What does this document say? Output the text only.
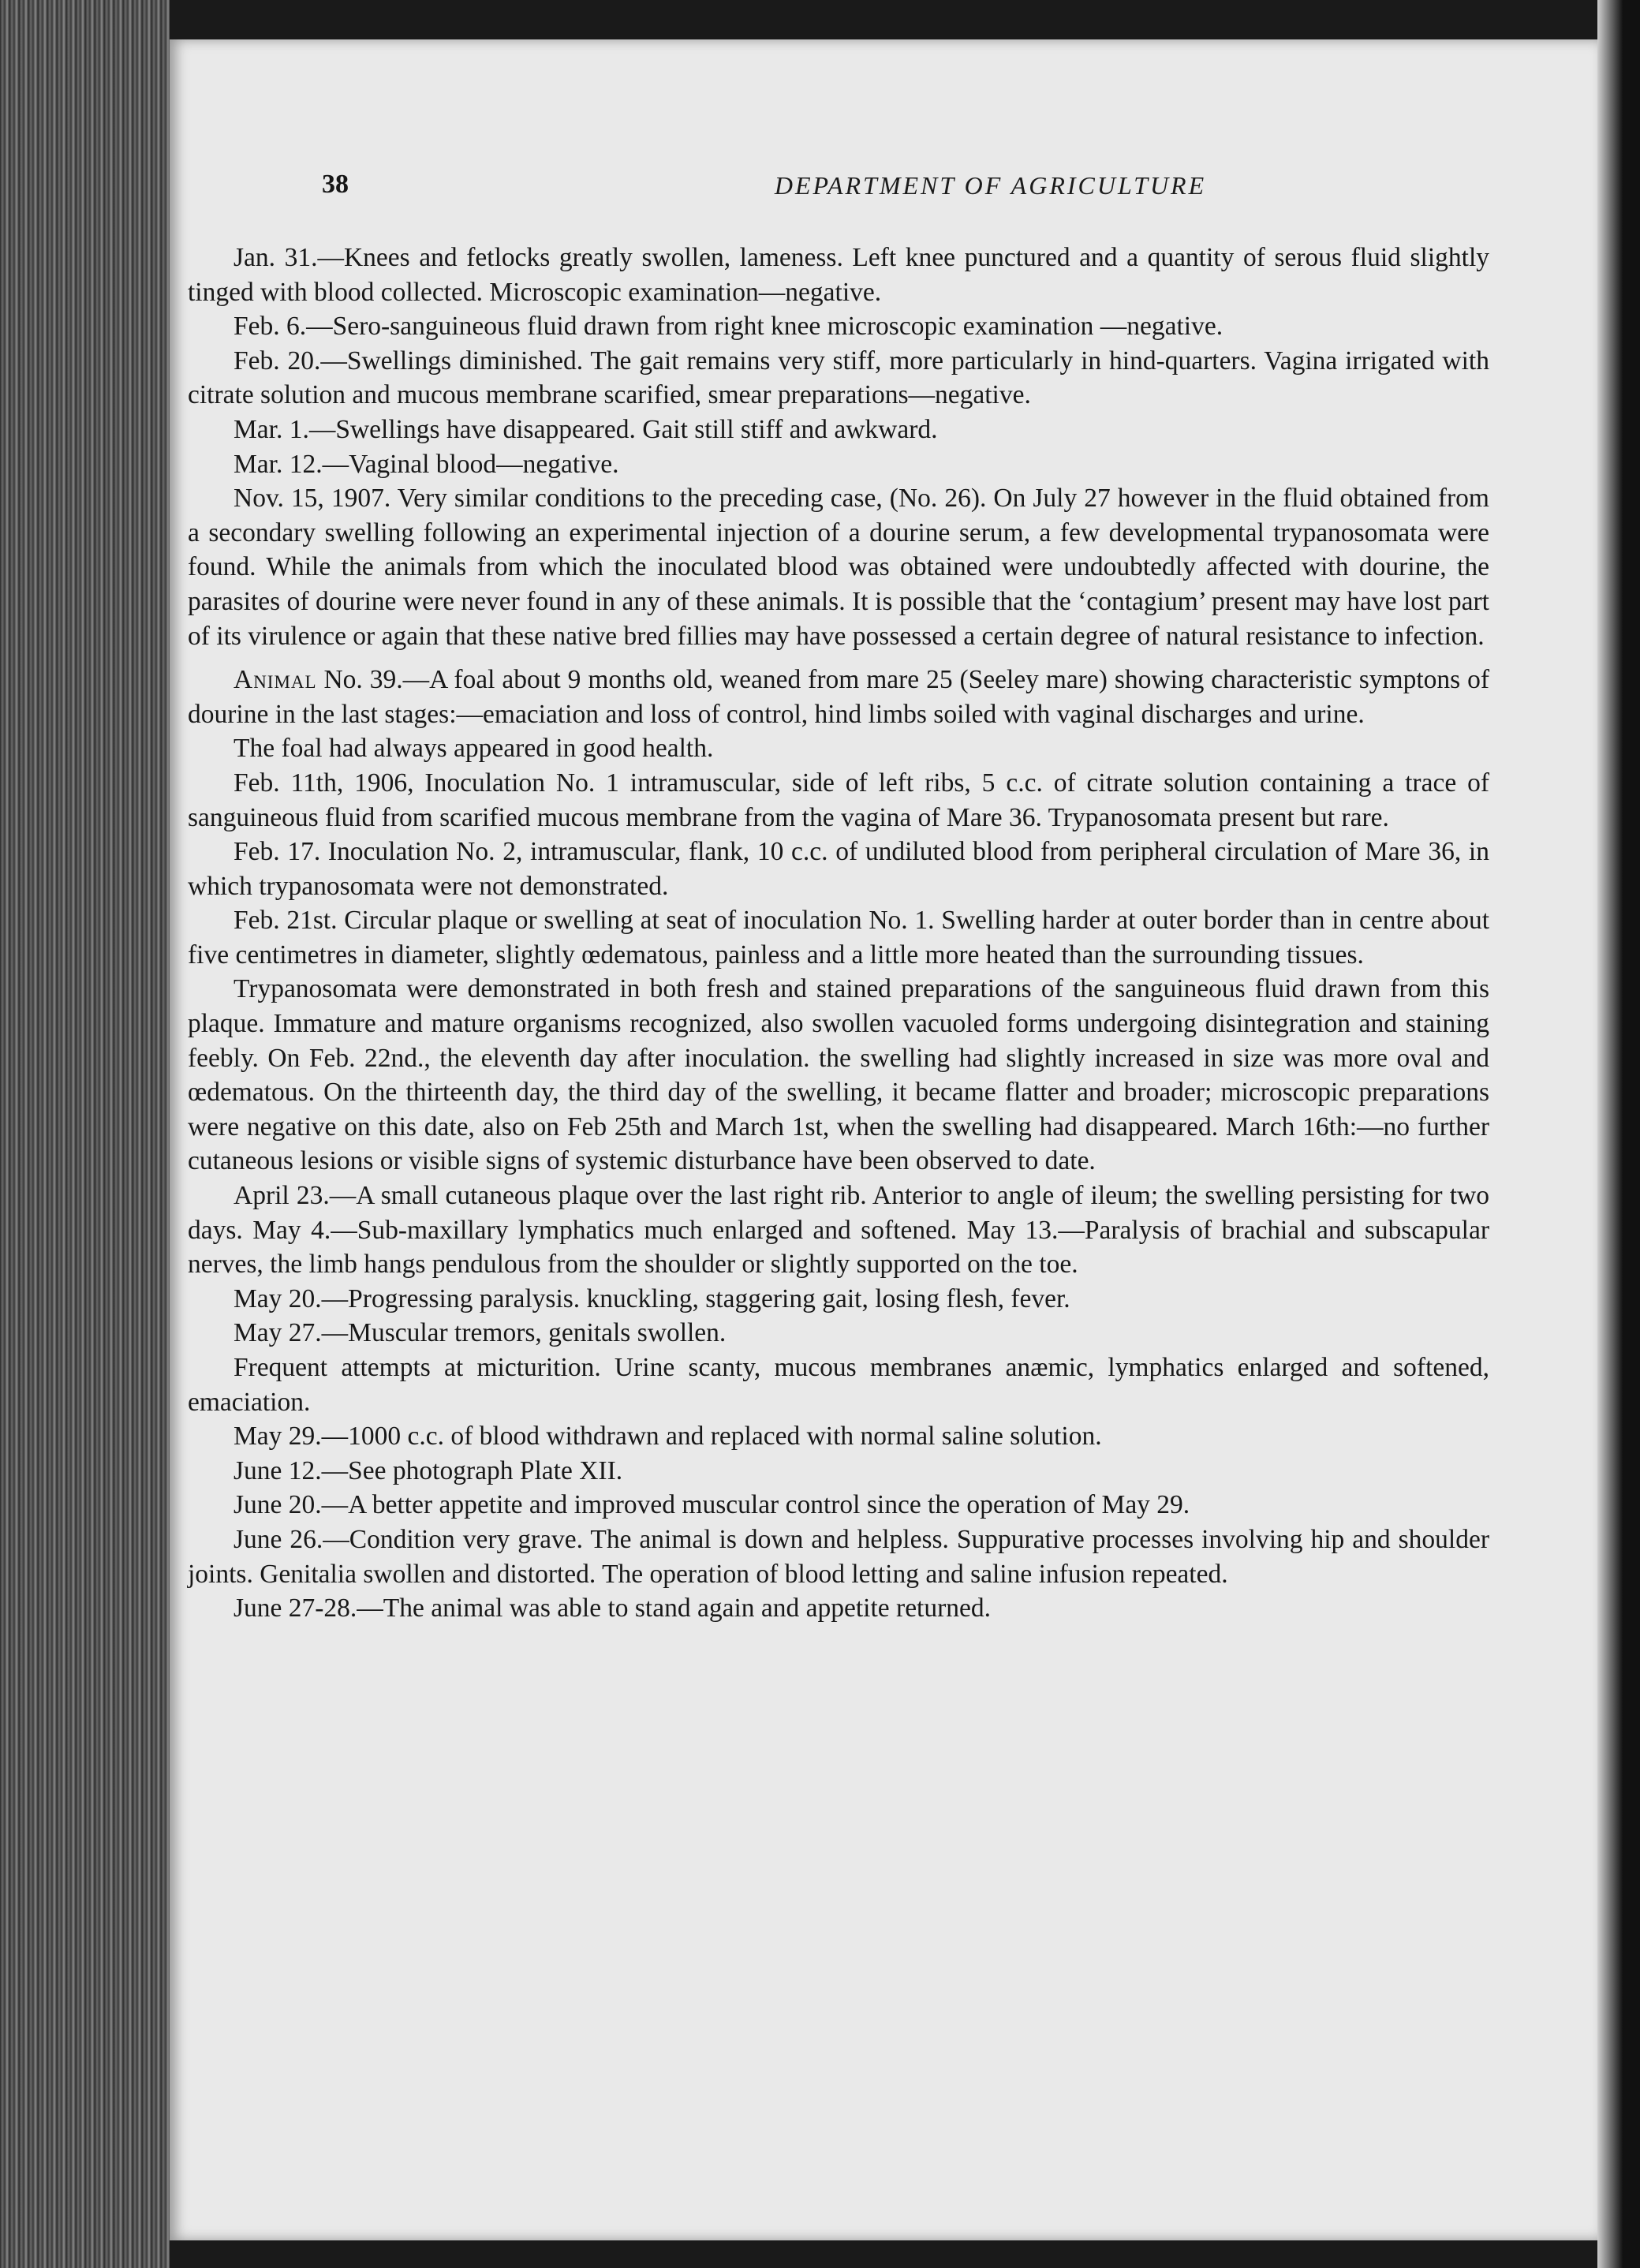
38	DEPARTMENT OF AGRICULTURE

Jan. 31.—Knees and fetlocks greatly swollen, lameness. Left knee punctured and a quantity of serous fluid slightly tinged with blood collected. Microscopic examination—negative.

Feb. 6.—Sero-sanguineous fluid drawn from right knee microscopic examination —negative.

Feb. 20.—Swellings diminished. The gait remains very stiff, more particularly in hind-quarters. Vagina irrigated with citrate solution and mucous membrane scarified, smear preparations—negative.

Mar. 1.—Swellings have disappeared. Gait still stiff and awkward.

Mar. 12.—Vaginal blood—negative.

Nov. 15, 1907. Very similar conditions to the preceding case, (No. 26). On July 27 however in the fluid obtained from a secondary swelling following an experimental injection of a dourine serum, a few developmental trypanosomata were found. While the animals from which the inoculated blood was obtained were undoubtedly affected with dourine, the parasites of dourine were never found in any of these animals. It is possible that the ‘contagium’ present may have lost part of its virulence or again that these native bred fillies may have possessed a certain degree of natural resistance to infection.

Animal No. 39.—A foal about 9 months old, weaned from mare 25 (Seeley mare) showing characteristic symptons of dourine in the last stages:—emaciation and loss of control, hind limbs soiled with vaginal discharges and urine.

The foal had always appeared in good health.

Feb. 11th, 1906, Inoculation No. 1 intramuscular, side of left ribs, 5 c.c. of citrate solution containing a trace of sanguineous fluid from scarified mucous membrane from the vagina of Mare 36. Trypanosomata present but rare.

Feb. 17. Inoculation No. 2, intramuscular, flank, 10 c.c. of undiluted blood from peripheral circulation of Mare 36, in which trypanosomata were not demonstrated.

Feb. 21st. Circular plaque or swelling at seat of inoculation No. 1. Swelling harder at outer border than in centre about five centimetres in diameter, slightly œdematous, painless and a little more heated than the surrounding tissues.

Trypanosomata were demonstrated in both fresh and stained preparations of the sanguineous fluid drawn from this plaque. Immature and mature organisms recognized, also swollen vacuoled forms undergoing disintegration and staining feebly. On Feb. 22nd., the eleventh day after inoculation. the swelling had slightly increased in size was more oval and œdematous. On the thirteenth day, the third day of the swelling, it became flatter and broader; microscopic preparations were negative on this date, also on Feb 25th and March 1st, when the swelling had disappeared. March 16th:—no further cutaneous lesions or visible signs of systemic disturbance have been observed to date.

April 23.—A small cutaneous plaque over the last right rib. Anterior to angle of ileum; the swelling persisting for two days. May 4.—Sub-maxillary lymphatics much enlarged and softened. May 13.—Paralysis of brachial and subscapular nerves, the limb hangs pendulous from the shoulder or slightly supported on the toe.

May 20.—Progressing paralysis. knuckling, staggering gait, losing flesh, fever.

May 27.—Muscular tremors, genitals swollen.

Frequent attempts at micturition. Urine scanty, mucous membranes anæmic, lymphatics enlarged and softened, emaciation.

May 29.—1000 c.c. of blood withdrawn and replaced with normal saline solution.

June 12.—See photograph Plate XII.

June 20.—A better appetite and improved muscular control since the operation of May 29.

June 26.—Condition very grave. The animal is down and helpless. Suppurative processes involving hip and shoulder joints. Genitalia swollen and distorted. The operation of blood letting and saline infusion repeated.

June 27-28.—The animal was able to stand again and appetite returned.
